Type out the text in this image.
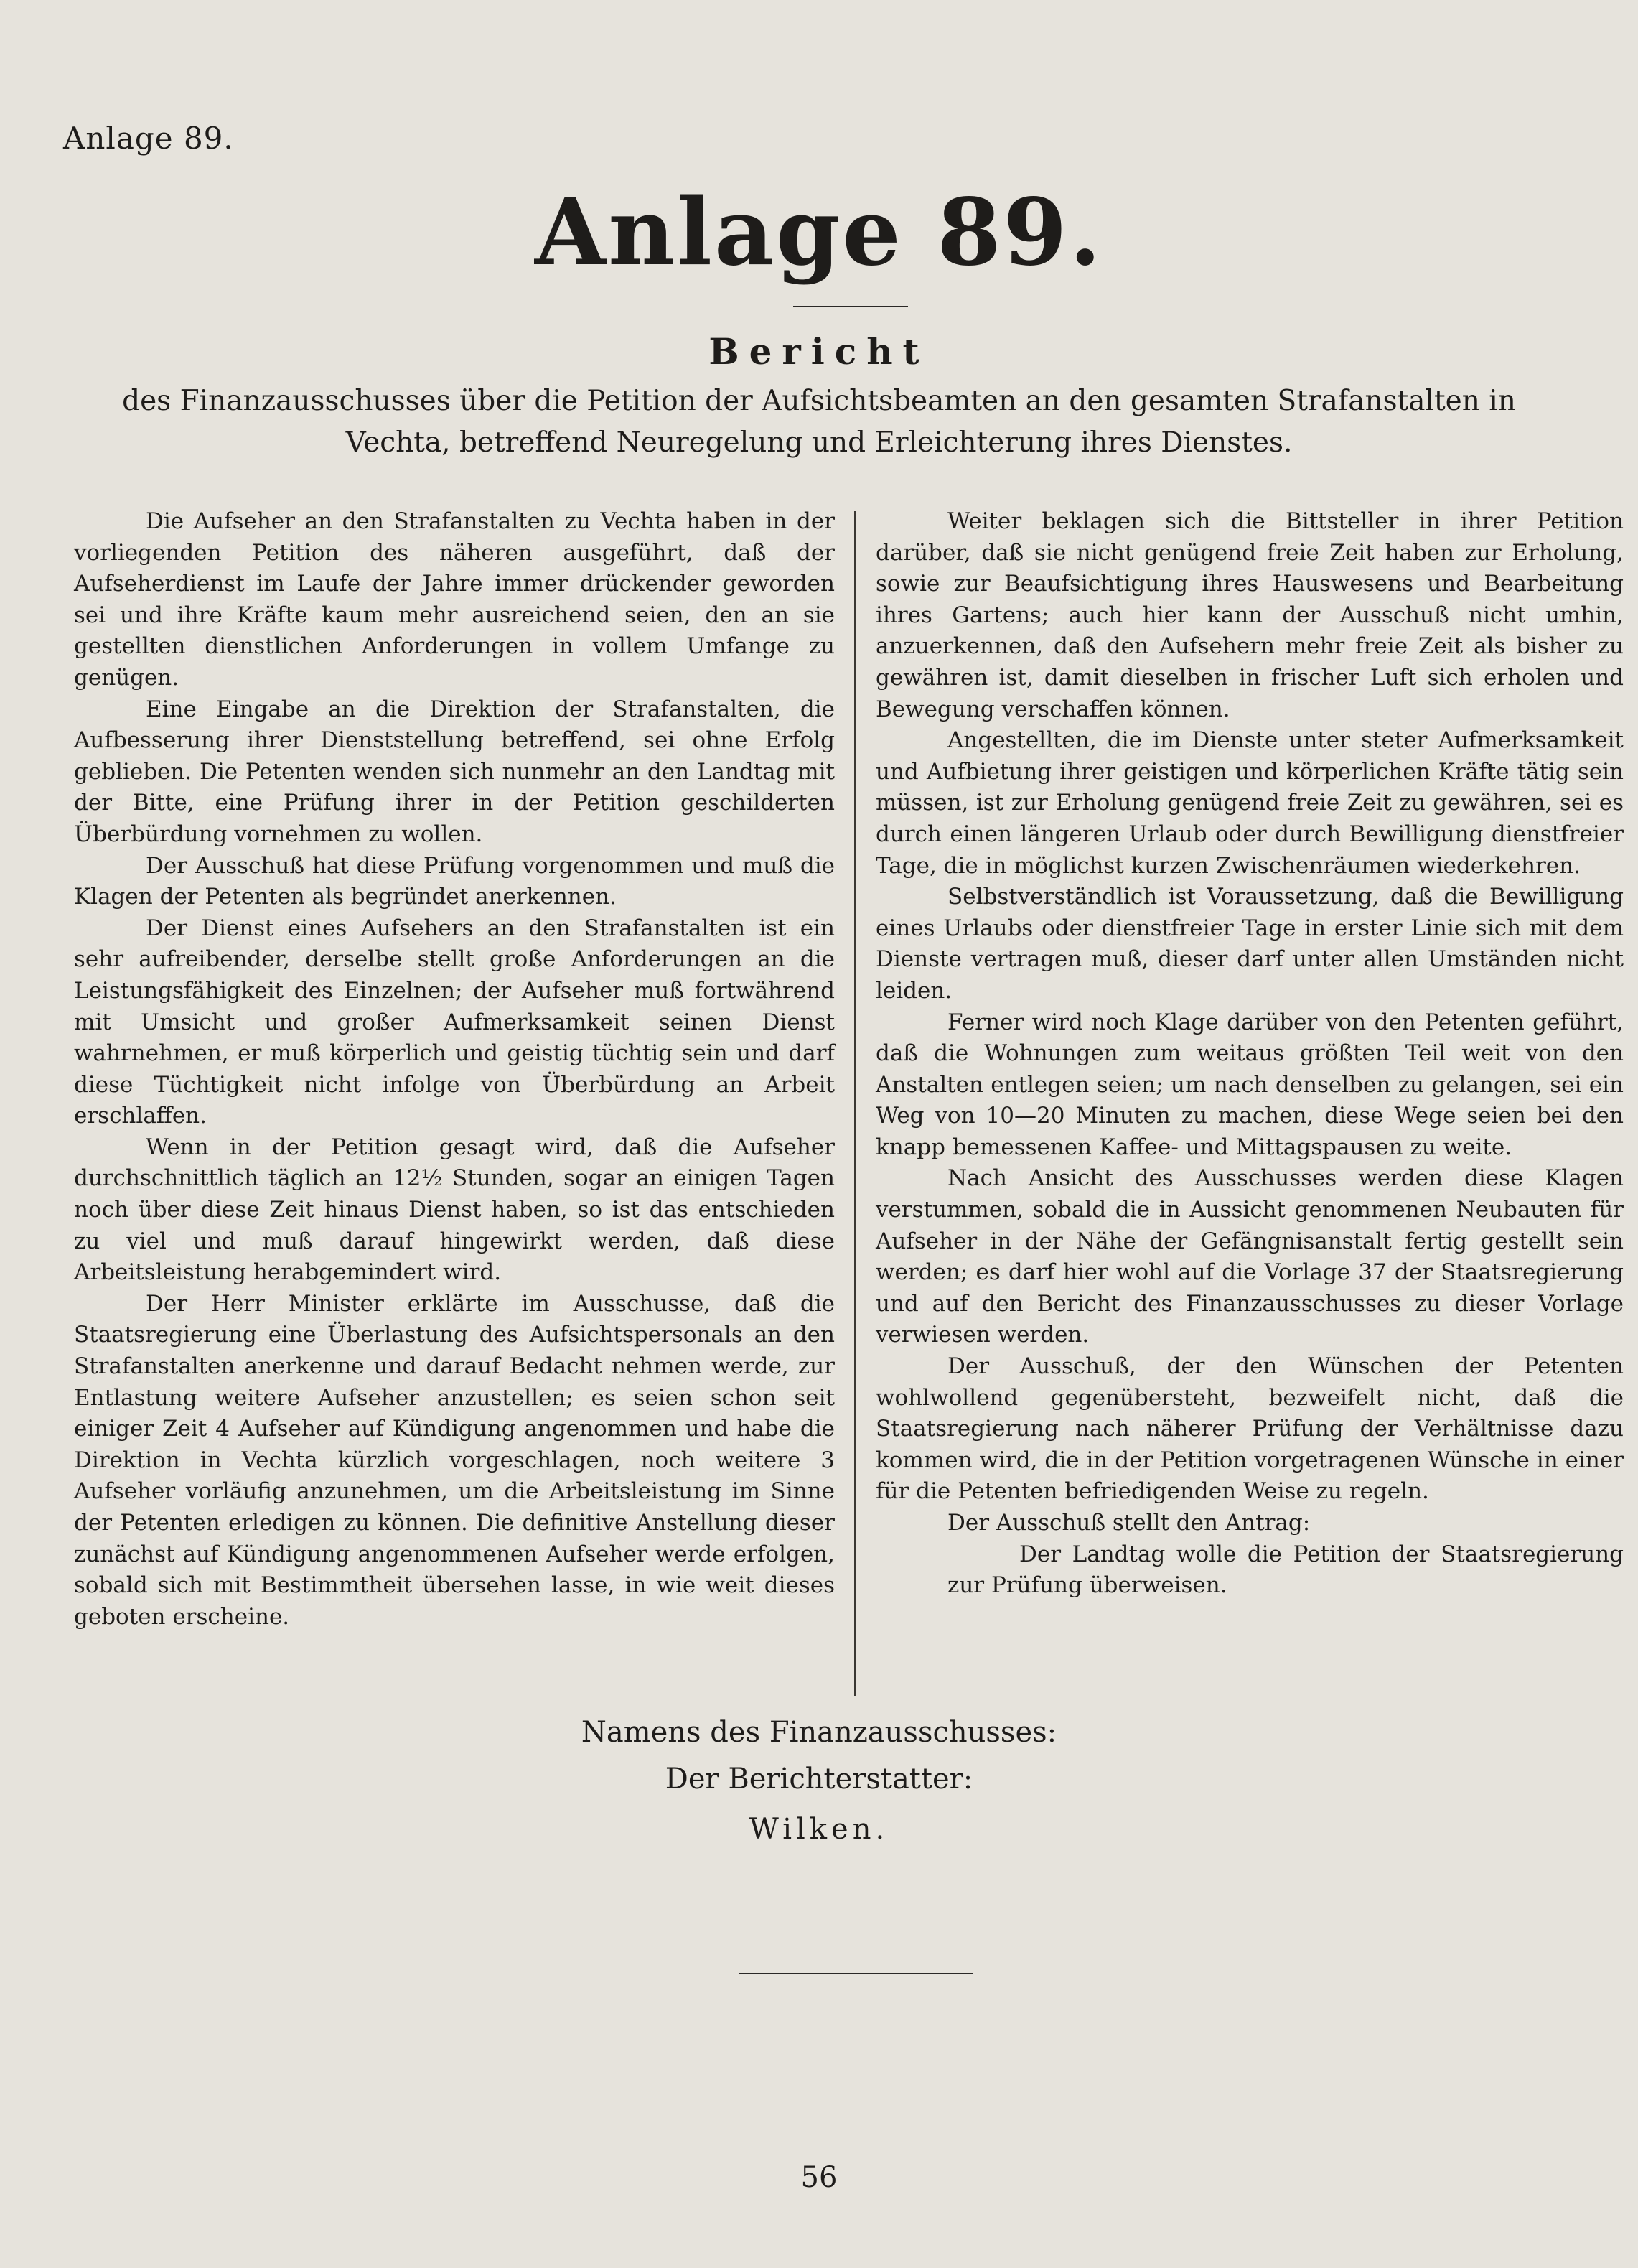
Anlage 89.
Anlage 89.
Bericht
des Finanzausschusses über die Petition der Aufsichtsbeamten an den gesamten Strafanstalten in Vechta, betreffend Neuregelung und Erleichterung ihres Dienstes.

Die Aufseher an den Strafanstalten zu Vechta haben in der vorliegenden Petition des näheren ausgeführt, daß der Aufseherdienst im Laufe der Jahre immer drückender geworden sei und ihre Kräfte kaum mehr ausreichend seien, den an sie gestellten dienstlichen Anforderungen in vollem Umfange zu genügen.

Eine Eingabe an die Direktion der Strafanstalten, die Aufbesserung ihrer Dienststellung betreffend, sei ohne Erfolg geblieben. Die Petenten wenden sich nunmehr an den Landtag mit der Bitte, eine Prüfung ihrer in der Petition geschilderten Überbürdung vornehmen zu wollen.

Der Ausschuß hat diese Prüfung vorgenommen und muß die Klagen der Petenten als begründet anerkennen.

Der Dienst eines Aufsehers an den Strafanstalten ist ein sehr aufreibender, derselbe stellt große Anforderungen an die Leistungsfähigkeit des Einzelnen; der Aufseher muß fortwährend mit Umsicht und großer Aufmerksamkeit seinen Dienst wahrnehmen, er muß körperlich und geistig tüchtig sein und darf diese Tüchtigkeit nicht infolge von Überbürdung an Arbeit erschlaffen.

Wenn in der Petition gesagt wird, daß die Aufseher durchschnittlich täglich an 12½ Stunden, sogar an einigen Tagen noch über diese Zeit hinaus Dienst haben, so ist das entschieden zu viel und muß darauf hingewirkt werden, daß diese Arbeitsleistung herabgemindert wird.

Der Herr Minister erklärte im Ausschusse, daß die Staatsregierung eine Überlastung des Aufsichtspersonals an den Strafanstalten anerkenne und darauf Bedacht nehmen werde, zur Entlastung weitere Aufseher anzustellen; es seien schon seit einiger Zeit 4 Aufseher auf Kündigung angenommen und habe die Direktion in Vechta kürzlich vorgeschlagen, noch weitere 3 Aufseher vorläufig anzunehmen, um die Arbeitsleistung im Sinne der Petenten erledigen zu können. Die definitive Anstellung dieser zunächst auf Kündigung angenommenen Aufseher werde erfolgen, sobald sich mit Bestimmtheit übersehen lasse, in wie weit dieses geboten erscheine.

Weiter beklagen sich die Bittsteller in ihrer Petition darüber, daß sie nicht genügend freie Zeit haben zur Erholung, sowie zur Beaufsichtigung ihres Hauswesens und Bearbeitung ihres Gartens; auch hier kann der Ausschuß nicht umhin, anzuerkennen, daß den Aufsehern mehr freie Zeit als bisher zu gewähren ist, damit dieselben in frischer Luft sich erholen und Bewegung verschaffen können.

Angestellten, die im Dienste unter steter Aufmerksamkeit und Aufbietung ihrer geistigen und körperlichen Kräfte tätig sein müssen, ist zur Erholung genügend freie Zeit zu gewähren, sei es durch einen längeren Urlaub oder durch Bewilligung dienstfreier Tage, die in möglichst kurzen Zwischenräumen wiederkehren.

Selbstverständlich ist Voraussetzung, daß die Bewilligung eines Urlaubs oder dienstfreier Tage in erster Linie sich mit dem Dienste vertragen muß, dieser darf unter allen Umständen nicht leiden.

Ferner wird noch Klage darüber von den Petenten geführt, daß die Wohnungen zum weitaus größten Teil weit von den Anstalten entlegen seien; um nach denselben zu gelangen, sei ein Weg von 10—20 Minuten zu machen, diese Wege seien bei den knapp bemessenen Kaffee- und Mittagspausen zu weite.

Nach Ansicht des Ausschusses werden diese Klagen verstummen, sobald die in Aussicht genommenen Neubauten für Aufseher in der Nähe der Gefängnisanstalt fertig gestellt sein werden; es darf hier wohl auf die Vorlage 37 der Staatsregierung und auf den Bericht des Finanzausschusses zu dieser Vorlage verwiesen werden.

Der Ausschuß, der den Wünschen der Petenten wohlwollend gegenübersteht, bezweifelt nicht, daß die Staatsregierung nach näherer Prüfung der Verhältnisse dazu kommen wird, die in der Petition vorgetragenen Wünsche in einer für die Petenten befriedigenden Weise zu regeln.

Der Ausschuß stellt den Antrag:

Der Landtag wolle die Petition der Staatsregierung zur Prüfung überweisen.

Namens des Finanzausschusses:
Der Berichterstatter:
Wilken.
56
